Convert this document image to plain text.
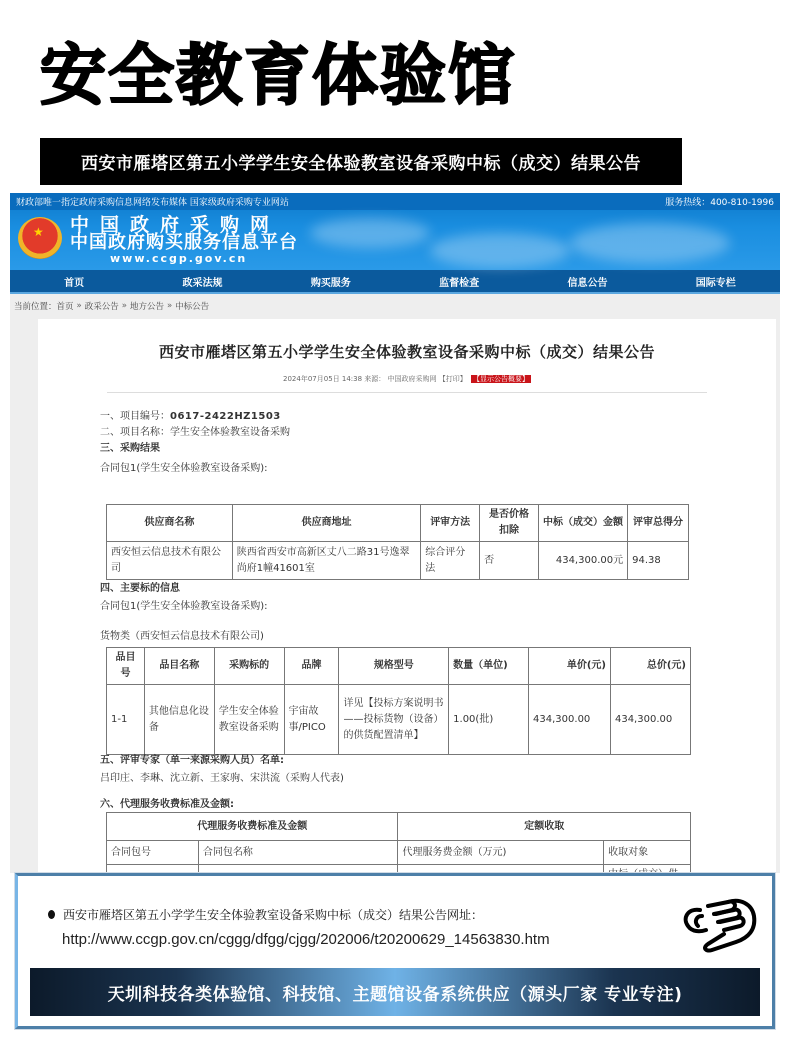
安全教育体验馆
西安市雁塔区第五小学学生安全体验教室设备采购中标（成交）结果公告
财政部唯一指定政府采购信息网络发布媒体 国家级政府采购专业网站	服务热线：400-810-1996
★ 中国政府采购网
中国政府购买服务信息平台
www.ccgp.gov.cn
首页	政采法规	购买服务	监督检查	信息公告	国际专栏
当前位置： 首页 » 政采公告 » 地方公告 » 中标公告
西安市雁塔区第五小学学生安全体验教室设备采购中标（成交）结果公告
2024年07月05日 14:38 来源： 中国政府采购网 【打印】 【显示公告概要】
一、项目编号：0617-2422HZ1503
二、项目名称：学生安全体验教室设备采购
三、采购结果
合同包1(学生安全体验教室设备采购):
供应商名称	供应商地址	评审方法	是否价格扣除	中标（成交）金额	评审总得分
西安恒云信息技术有限公司	陕西省西安市高新区丈八二路31号逸翠尚府1幢41601室	综合评分法	否	434,300.00元	94.38
四、主要标的信息
合同包1(学生安全体验教室设备采购):
货物类（西安恒云信息技术有限公司)
品目号	品目名称	采购标的	品牌	规格型号	数量（单位)	单价(元)	总价(元)
1-1	其他信息化设备	学生安全体验教室设备采购	宇宙故事/PICO	详见【投标方案说明书——投标货物（设备）的供货配置清单】	1.00(批)	434,300.00	434,300.00
五、评审专家（单一来源采购人员）名单:
吕印庄、李琳、沈立新、王家驹、宋洪流（采购人代表)
六、代理服务收费标准及金额:
代理服务收费标准及金额		定额收取	
合同包号	合同包名称	代理服务费金额（万元)	收取对象

西安市雁塔区第五小学学生安全体验教室设备采购中标（成交）结果公告网址：
http://www.ccgp.gov.cn/cggg/dfgg/cjgg/202006/t20200629_14563830.htm
天圳科技各类体验馆、科技馆、主题馆设备系统供应（源头厂家 专业专注)
